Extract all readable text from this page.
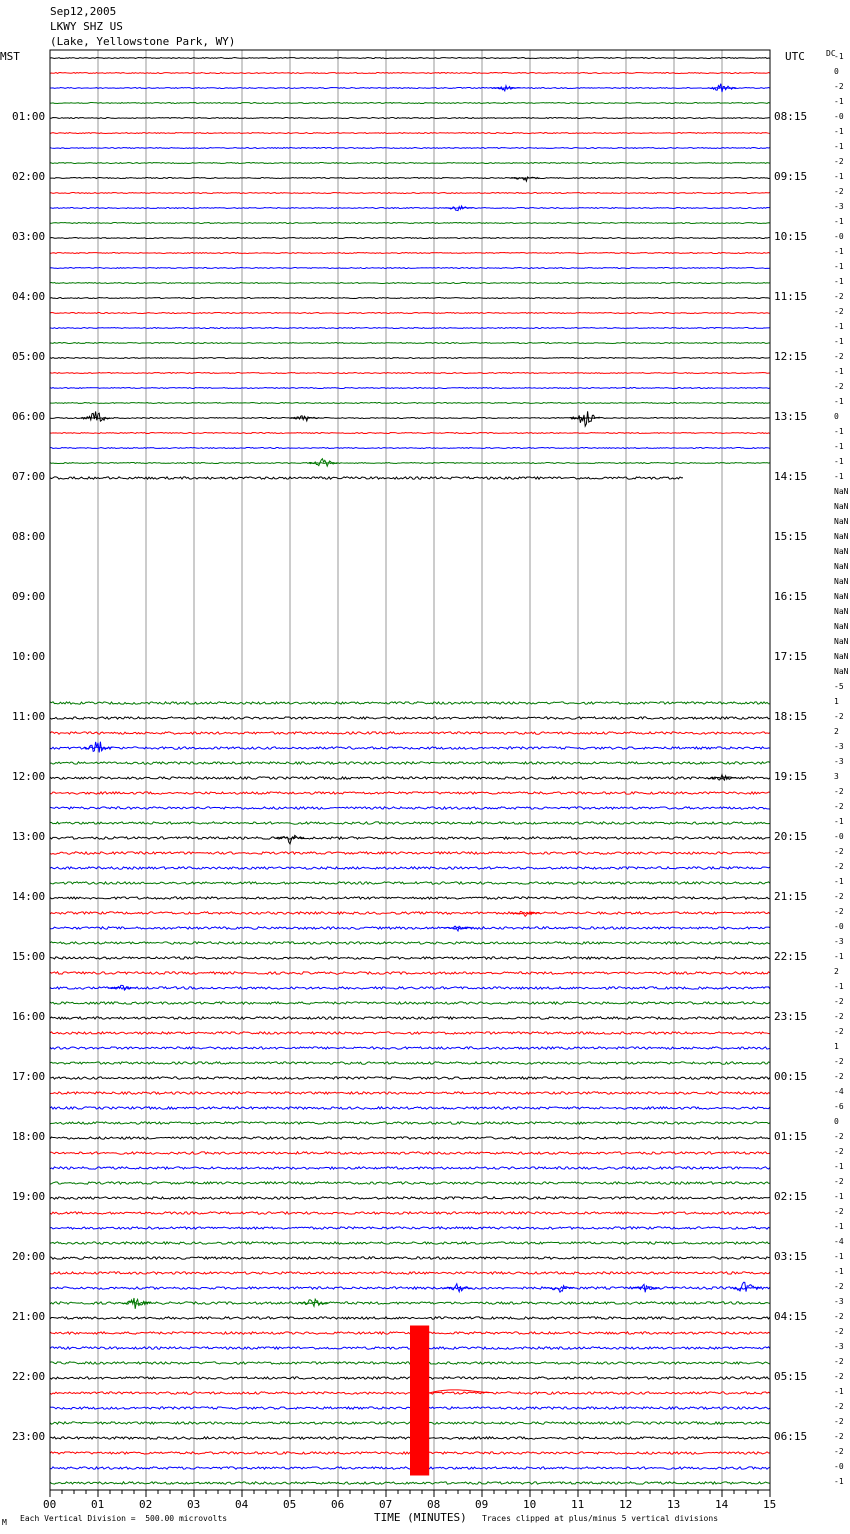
Sep12,2005
LKWY SHZ US
(Lake, Yellowstone Park, WY)
MST	UTC	DC
01:00
02:00
03:00
04:00
05:00
06:00
07:00
08:00
09:00
10:00
11:00
12:00
13:00
14:00
15:00
16:00
17:00
18:00
19:00
20:00
21:00
22:00
23:00
08:15
09:15
10:15
11:15
12:15
13:15
14:15
15:15
16:15
17:15
18:15
19:15
20:15
21:15
22:15
23:15
00:15
01:15
02:15
03:15
04:15
05:15
06:15
-1
0
-2
-1
-0
-1
-1
-2
-1
-2
-3
-1
-0
-1
-1
-1
-2
-2
-1
-1
-2
-1
-2
-1
0
-1
-1
-1
-1
NaN
NaN
NaN
NaN
NaN
NaN
NaN
NaN
NaN
NaN
NaN
NaN
NaN
-5
1
-2
2
-3
-3
3
-2
-2
-1
-0
-2
-2
-1
-2
-2
-0
-3
-1
2
-1
-2
-2
-2
1
-2
-2
-4
-6
0
-2
-2
-1
-2
-1
-2
-1
-4
-1
-1
-2
-3
-2
-2
-3
-2
-2
-1
-2
-2
-2
-2
-0
-1
00	01	02	03	04	05	06	07	08	09	10	11	12	13	14	15
M Each Vertical Division =  500.00 microvolts	TIME (MINUTES) Traces clipped at plus/minus 5 vertical divisions
